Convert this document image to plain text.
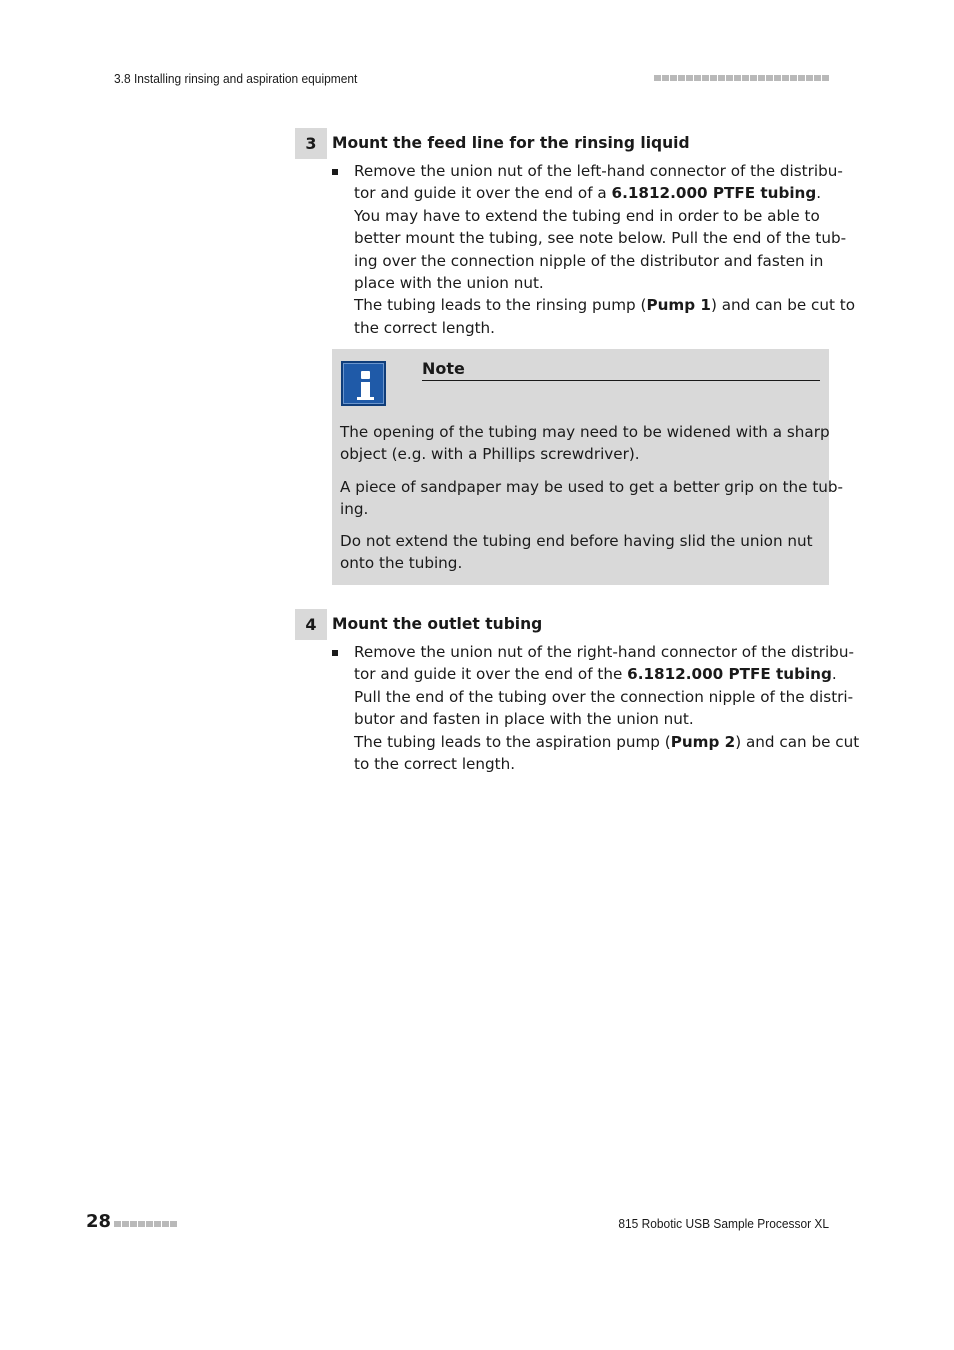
3.8 Installing rinsing and aspiration equipment
3 Mount the feed line for the rinsing liquid
Remove the union nut of the left-hand connector of the distribu-
tor and guide it over the end of a 6.1812.000 PTFE tubing.
You may have to extend the tubing end in order to be able to
better mount the tubing, see note below. Pull the end of the tub-
ing over the connection nipple of the distributor and fasten in
place with the union nut.
The tubing leads to the rinsing pump (Pump 1) and can be cut to
the correct length.
Note
The opening of the tubing may need to be widened with a sharp
object (e.g. with a Phillips screwdriver).
A piece of sandpaper may be used to get a better grip on the tub-
ing.
Do not extend the tubing end before having slid the union nut
onto the tubing.
4 Mount the outlet tubing
Remove the union nut of the right-hand connector of the distribu-
tor and guide it over the end of the 6.1812.000 PTFE tubing.
Pull the end of the tubing over the connection nipple of the distri-
butor and fasten in place with the union nut.
The tubing leads to the aspiration pump (Pump 2) and can be cut
to the correct length.
28	815 Robotic USB Sample Processor XL
